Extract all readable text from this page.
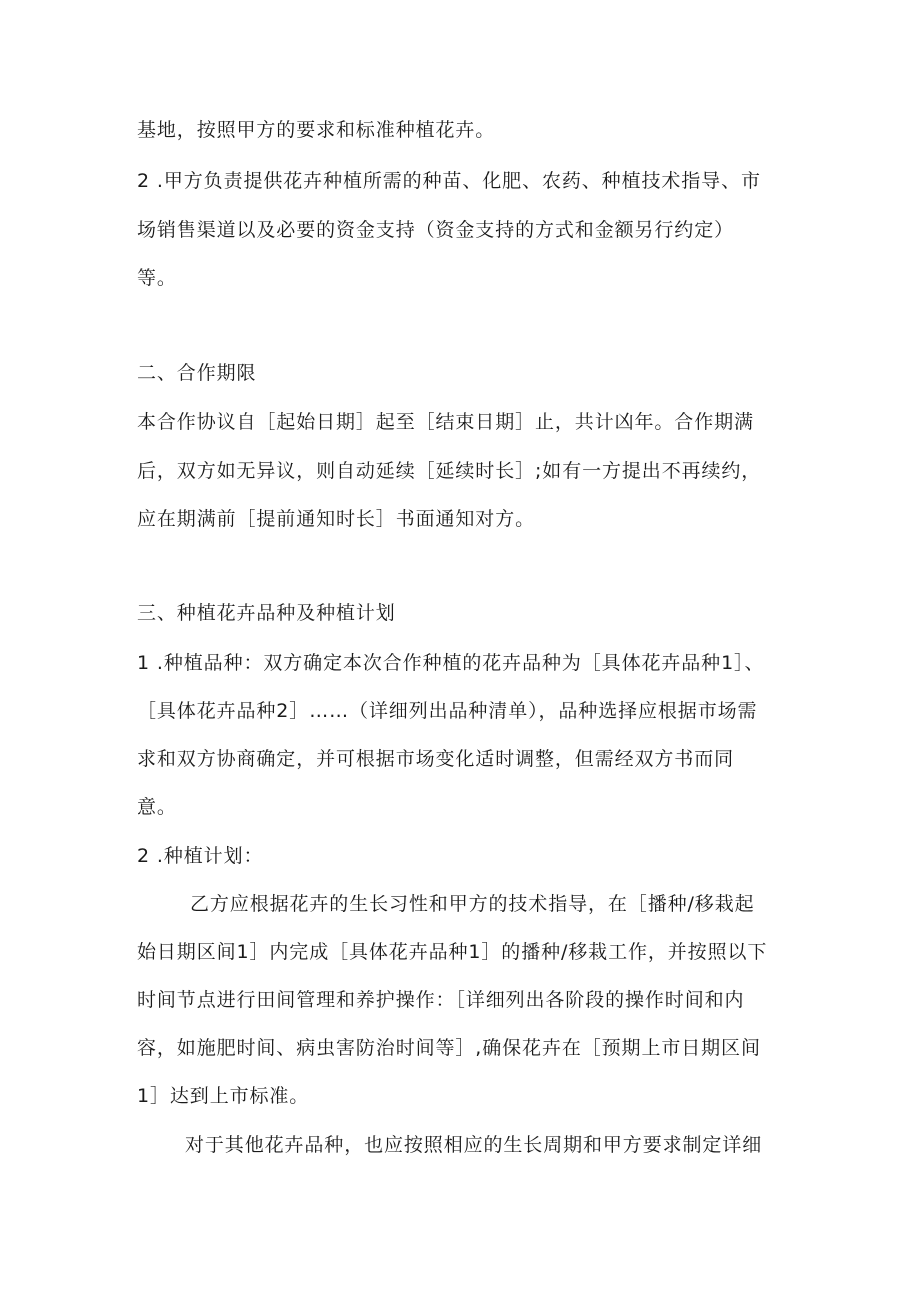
基地，按照甲方的要求和标准种植花卉。
2 .甲方负责提供花卉种植所需的种苗、化肥、农药、种植技术指导、市
场销售渠道以及必要的资金支持（资金支持的方式和金额另行约定）
等。
二、合作期限
本合作协议自［起始日期］起至［结束日期］止，共计凶年。合作期满
后，双方如无异议，则自动延续［延续时长］;如有一方提出不再续约，
应在期满前［提前通知时长］书面通知对方。
三、种植花卉品种及种植计划
1 .种植品种：双方确定本次合作种植的花卉品种为［具体花卉品种1］、
［具体花卉品种2］……（详细列出品种清单），品种选择应根据市场需
求和双方协商确定，并可根据市场变化适时调整，但需经双方书而同
意。
2 .种植计划：
乙方应根据花卉的生长习性和甲方的技术指导，在［播种/移栽起
始日期区间1］内完成［具体花卉品种1］的播种/移栽工作，并按照以下
时间节点进行田间管理和养护操作：［详细列出各阶段的操作时间和内
容，如施肥时间、病虫害防治时间等］,确保花卉在［预期上市日期区间
1］达到上市标准。
对于其他花卉品种，也应按照相应的生长周期和甲方要求制定详细
